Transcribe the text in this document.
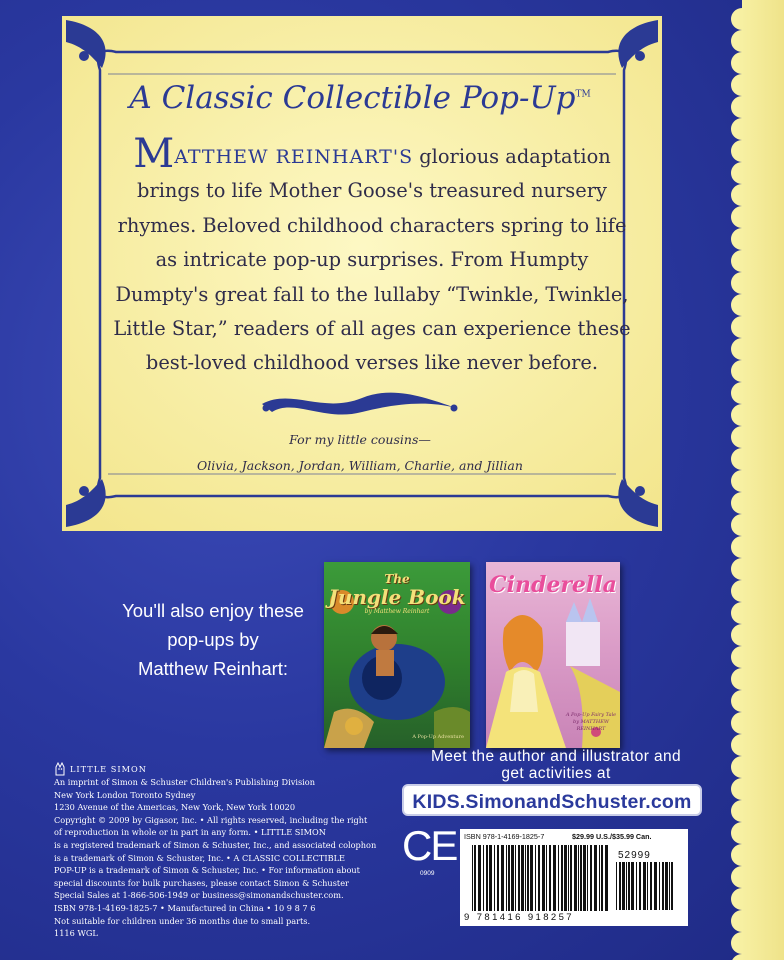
A Classic Collectible Pop-Up™
MATTHEW REINHART'S glorious adaptation brings to life Mother Goose's treasured nursery rhymes. Beloved childhood characters spring to life as intricate pop-up surprises. From Humpty Dumpty's great fall to the lullaby “Twinkle, Twinkle, Little Star,” readers of all ages can experience these best-loved childhood verses like never before.
For my little cousins—
Olivia, Jackson, Jordan, William, Charlie, and Jillian
You'll also enjoy these
pop-ups by
Matthew Reinhart:
The
Jungle Book
by Matthew Reinhart
A Pop-Up Adventure
Cinderella
A Pop-Up Fairy Tale
by MATTHEW REINHART
LITTLE SIMON
An imprint of Simon & Schuster Children's Publishing Division
New York London Toronto Sydney
1230 Avenue of the Americas, New York, New York 10020
Copyright © 2009 by Gigasor, Inc. • All rights reserved, including the right
of reproduction in whole or in part in any form. • LITTLE SIMON
is a registered trademark of Simon & Schuster, Inc., and associated colophon
is a trademark of Simon & Schuster, Inc. • A CLASSIC COLLECTIBLE
POP-UP is a trademark of Simon & Schuster, Inc. • For information about
special discounts for bulk purchases, please contact Simon & Schuster
Special Sales at 1-866-506-1949 or business@simonandschuster.com.
ISBN 978-1-4169-1825-7 • Manufactured in China • 10 9 8 7 6
Not suitable for children under 36 months due to small parts.
1116 WGL
Meet the author and illustrator and
get activities at
KIDS.SimonandSchuster.com
CE
0909
ISBN 978-1-4169-1825-7	$29.99 U.S./$35.99 Can.
52999
9 781416 918257
